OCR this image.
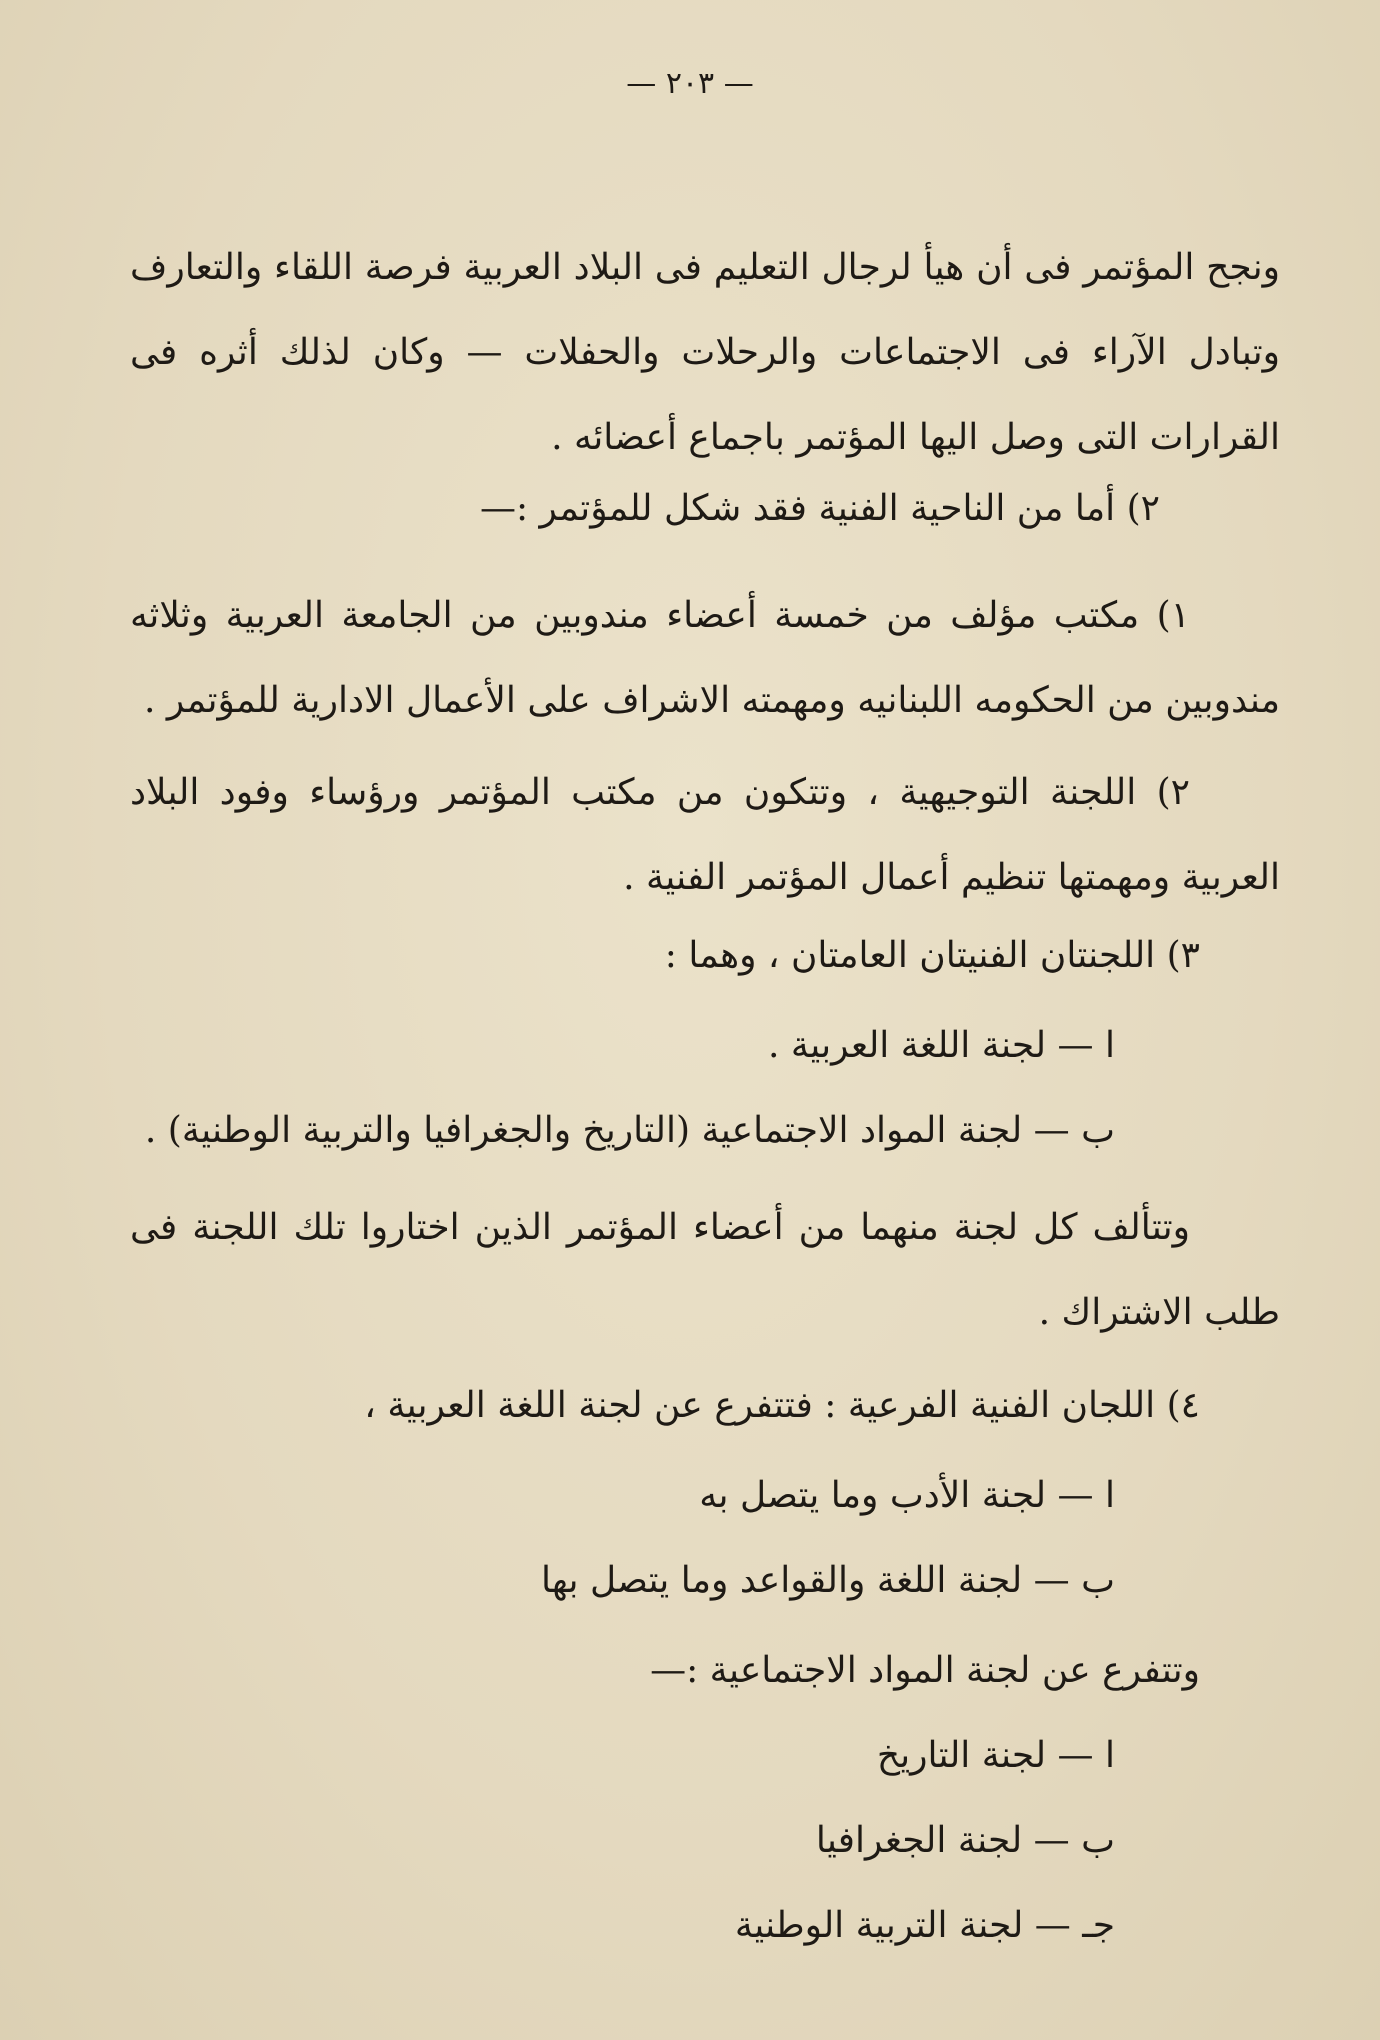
— ٢٠٣ —

ونجح المؤتمر فى أن هيأ لرجال التعليم فى البلاد العربية فرصة اللقاء والتعارف وتبادل الآراء فى الاجتماعات والرحلات والحفلات — وكان لذلك أثره فى القرارات التى وصل اليها المؤتمر باجماع أعضائه .

٢) أما من الناحية الفنية فقد شكل للمؤتمر :—

١) مكتب مؤلف من خمسة أعضاء مندوبين من الجامعة العربية وثلاثه مندوبين من الحكومه اللبنانيه ومهمته الاشراف على الأعمال الادارية للمؤتمر .

٢) اللجنة التوجيهية ، وتتكون من مكتب المؤتمر ورؤساء وفود البلاد العربية ومهمتها تنظيم أعمال المؤتمر الفنية .

٣) اللجنتان الفنيتان العامتان ، وهما :

ا — لجنة اللغة العربية .

ب — لجنة المواد الاجتماعية (التاريخ والجغرافيا والتربية الوطنية) .

وتتألف كل لجنة منهما من أعضاء المؤتمر الذين اختاروا تلك اللجنة فى طلب الاشتراك .

٤) اللجان الفنية الفرعية : فتتفرع عن لجنة اللغة العربية ،

ا — لجنة الأدب وما يتصل به

ب — لجنة اللغة والقواعد وما يتصل بها

وتتفرع عن لجنة المواد الاجتماعية :—

ا — لجنة التاريخ

ب — لجنة الجغرافيا

جـ — لجنة التربية الوطنية
